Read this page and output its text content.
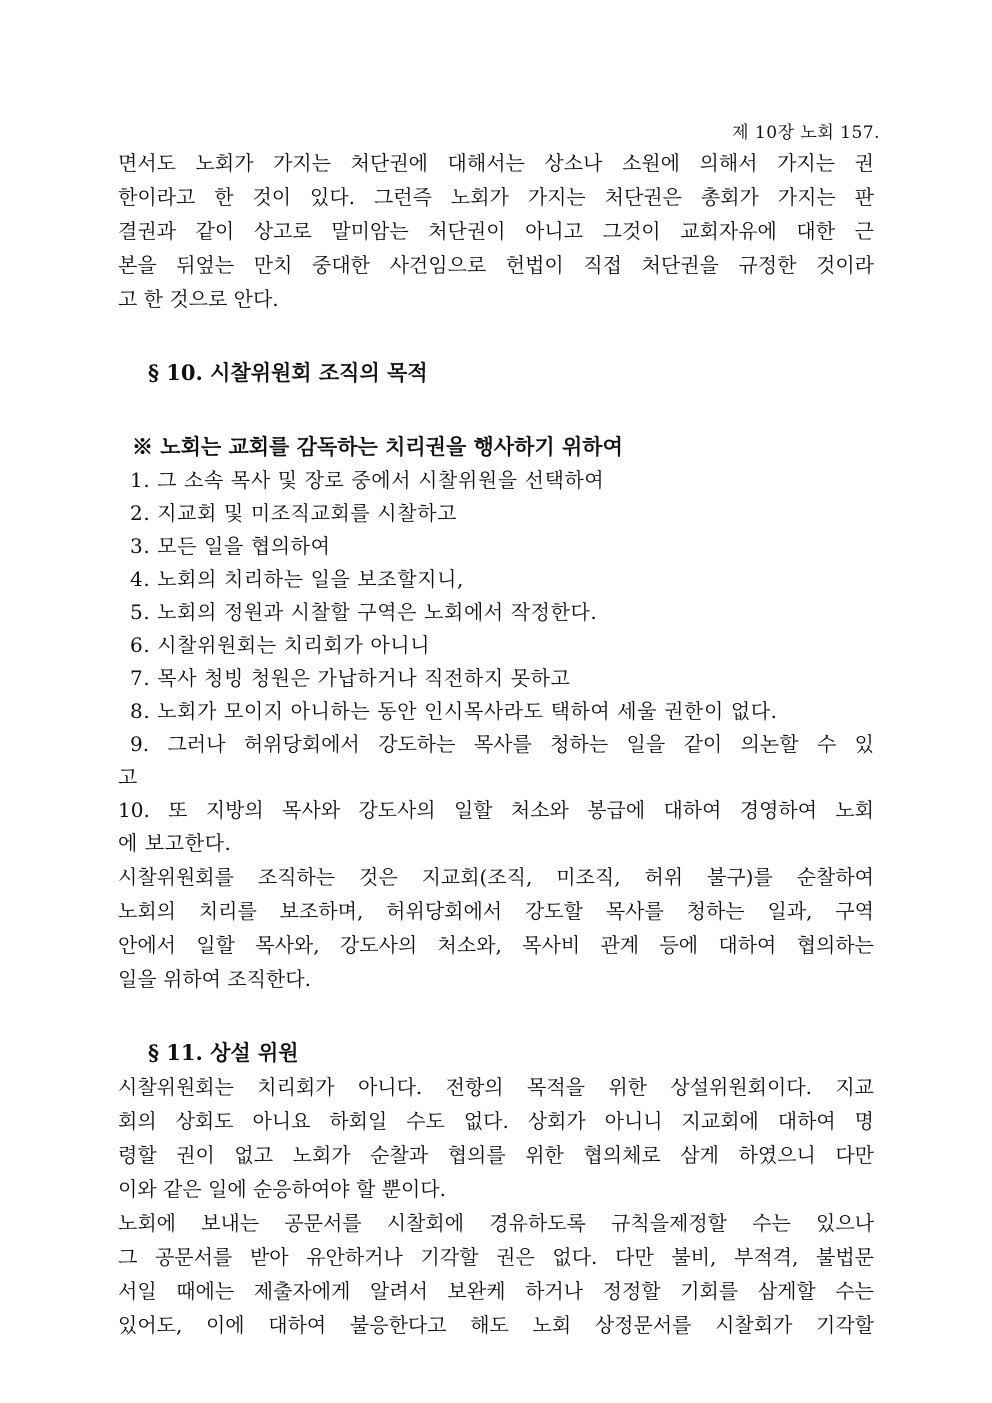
제 10장 노회 157.
면서도 노회가 가지는 처단권에 대해서는 상소나 소원에 의해서 가지는 권
한이라고 한 것이 있다. 그런즉 노회가 가지는 처단권은 총회가 가지는 판
결권과 같이 상고로 말미암는 처단권이 아니고 그것이 교회자유에 대한 근
본을 뒤엎는 만치 중대한 사건임으로 헌법이 직접 처단권을 규정한 것이라
고 한 것으로 안다.
§ 10. 시찰위원회 조직의 목적
※ 노회는 교회를 감독하는 치리권을 행사하기 위하여
1. 그 소속 목사 및 장로 중에서 시찰위원을 선택하여
2. 지교회 및 미조직교회를 시찰하고
3. 모든 일을 협의하여
4. 노회의 치리하는 일을 보조할지니,
5. 노회의 정원과 시찰할 구역은 노회에서 작정한다.
6. 시찰위원회는 치리회가 아니니
7. 목사 청빙 청원은 가납하거나 직전하지 못하고
8. 노회가 모이지 아니하는 동안 인시목사라도 택하여 세울 권한이 없다.
9. 그러나 허위당회에서 강도하는 목사를 청하는 일을 같이 의논할 수 있
고
10. 또 지방의 목사와 강도사의 일할 처소와 봉급에 대하여 경영하여 노회
에 보고한다.
시찰위원회를 조직하는 것은 지교회(조직, 미조직, 허위 불구)를 순찰하여
노회의 치리를 보조하며, 허위당회에서 강도할 목사를 청하는 일과, 구역
안에서 일할 목사와, 강도사의 처소와, 목사비 관계 등에 대하여 협의하는
일을 위하여 조직한다.
§ 11. 상설 위원
시찰위원회는 치리회가 아니다. 전항의 목적을 위한 상설위원회이다. 지교
회의 상회도 아니요 하회일 수도 없다. 상회가 아니니 지교회에 대하여 명
령할 권이 없고 노회가 순찰과 협의를 위한 협의체로 삼게 하였으니 다만
이와 같은 일에 순응하여야 할 뿐이다.
노회에 보내는 공문서를 시찰회에 경유하도록 규칙을제정할 수는 있으나
그 공문서를 받아 유안하거나 기각할 권은 없다. 다만 불비, 부적격, 불법문
서일 때에는 제출자에게 알려서 보완케 하거나 정정할 기회를 삼게할 수는
있어도, 이에 대하여 불응한다고 해도 노회 상정문서를 시찰회가 기각할
